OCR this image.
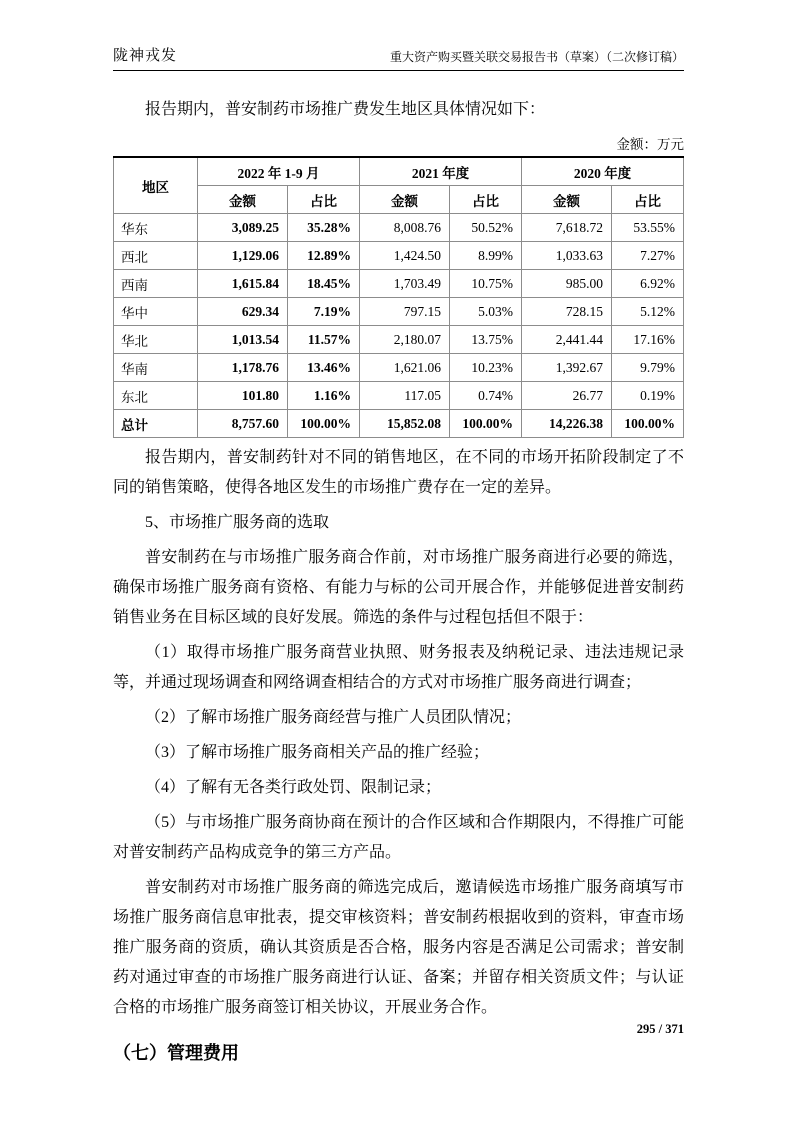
陇神戎发	重大资产购买暨关联交易报告书（草案）（二次修订稿）

报告期内，普安制药市场推广费发生地区具体情况如下：

金额：万元
地区	2022 年 1-9 月		2021 年度		2020 年度	
	金额	占比	金额	占比	金额	占比
华东	3,089.25	35.28%	8,008.76	50.52%	7,618.72	53.55%
西北	1,129.06	12.89%	1,424.50	8.99%	1,033.63	7.27%
西南	1,615.84	18.45%	1,703.49	10.75%	985.00	6.92%
华中	629.34	7.19%	797.15	5.03%	728.15	5.12%
华北	1,013.54	11.57%	2,180.07	13.75%	2,441.44	17.16%
华南	1,178.76	13.46%	1,621.06	10.23%	1,392.67	9.79%
东北	101.80	1.16%	117.05	0.74%	26.77	0.19%
总计	8,757.60	100.00%	15,852.08	100.00%	14,226.38	100.00%

报告期内，普安制药针对不同的销售地区，在不同的市场开拓阶段制定了不同的销售策略，使得各地区发生的市场推广费存在一定的差异。

5、市场推广服务商的选取

普安制药在与市场推广服务商合作前，对市场推广服务商进行必要的筛选，确保市场推广服务商有资格、有能力与标的公司开展合作，并能够促进普安制药销售业务在目标区域的良好发展。筛选的条件与过程包括但不限于：

（1）取得市场推广服务商营业执照、财务报表及纳税记录、违法违规记录等，并通过现场调查和网络调查相结合的方式对市场推广服务商进行调查；

（2）了解市场推广服务商经营与推广人员团队情况；

（3）了解市场推广服务商相关产品的推广经验；

（4）了解有无各类行政处罚、限制记录；

（5）与市场推广服务商协商在预计的合作区域和合作期限内，不得推广可能对普安制药产品构成竞争的第三方产品。

普安制药对市场推广服务商的筛选完成后，邀请候选市场推广服务商填写市场推广服务商信息审批表，提交审核资料；普安制药根据收到的资料，审查市场推广服务商的资质，确认其资质是否合格，服务内容是否满足公司需求；普安制药对通过审查的市场推广服务商进行认证、备案；并留存相关资质文件；与认证合格的市场推广服务商签订相关协议，开展业务合作。

（七）管理费用
295 / 371
